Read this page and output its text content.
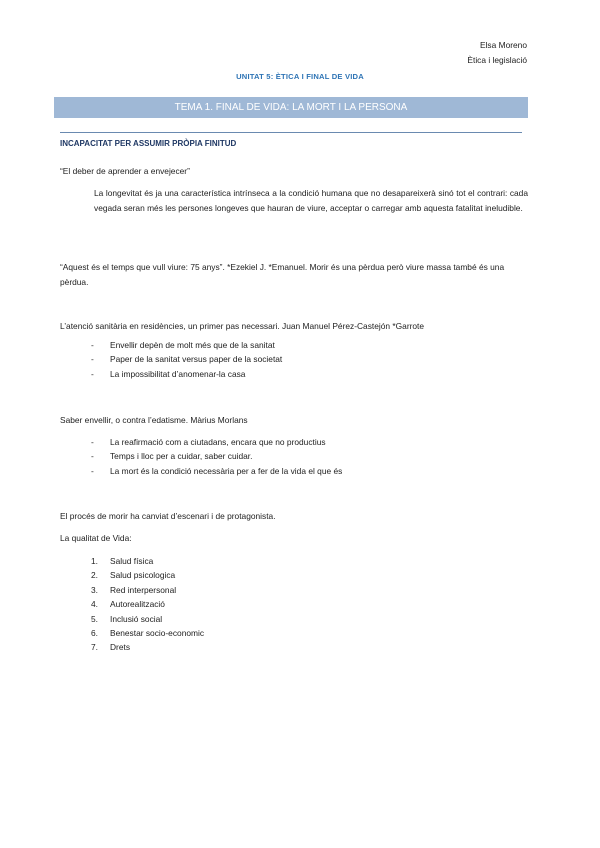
Elsa Moreno
Ètica i legislació
UNITAT 5: ÈTICA I FINAL DE VIDA
TEMA 1. FINAL DE VIDA: LA MORT I LA PERSONA
INCAPACITAT PER ASSUMIR PRÒPIA FINITUD
“El deber de aprender a envejecer”
La longevitat és ja una característica intrínseca a la condició humana que no desapareixerà sinó tot el contrari: cada vegada seran més les persones longeves que hauran de viure, acceptar o carregar amb aquesta fatalitat ineludible.
“Aquest és el temps que vull viure: 75 anys”. *Ezekiel J. *Emanuel. Morir és una pèrdua però viure massa també és una pèrdua.
L’atenció sanitària en residències, un primer pas necessari. Juan Manuel Pérez-Castejón *Garrote
- Envellir depèn de molt més que de la sanitat
- Paper de la sanitat versus paper de la societat
- La impossibilitat d’anomenar-la casa
Saber envellir, o contra l’edatisme. Màrius Morlans
- La reafirmació com a ciutadans, encara que no productius
- Temps i lloc per a cuidar, saber cuidar.
- La mort és la condició necessària per a fer de la vida el que és
El procés de morir ha canviat d’escenari i de protagonista.
La qualitat de Vida:
1. Salud física
2. Salud psicologica
3. Red interpersonal
4. Autorealització
5. Inclusió social
6. Benestar socio-economic
7. Drets
